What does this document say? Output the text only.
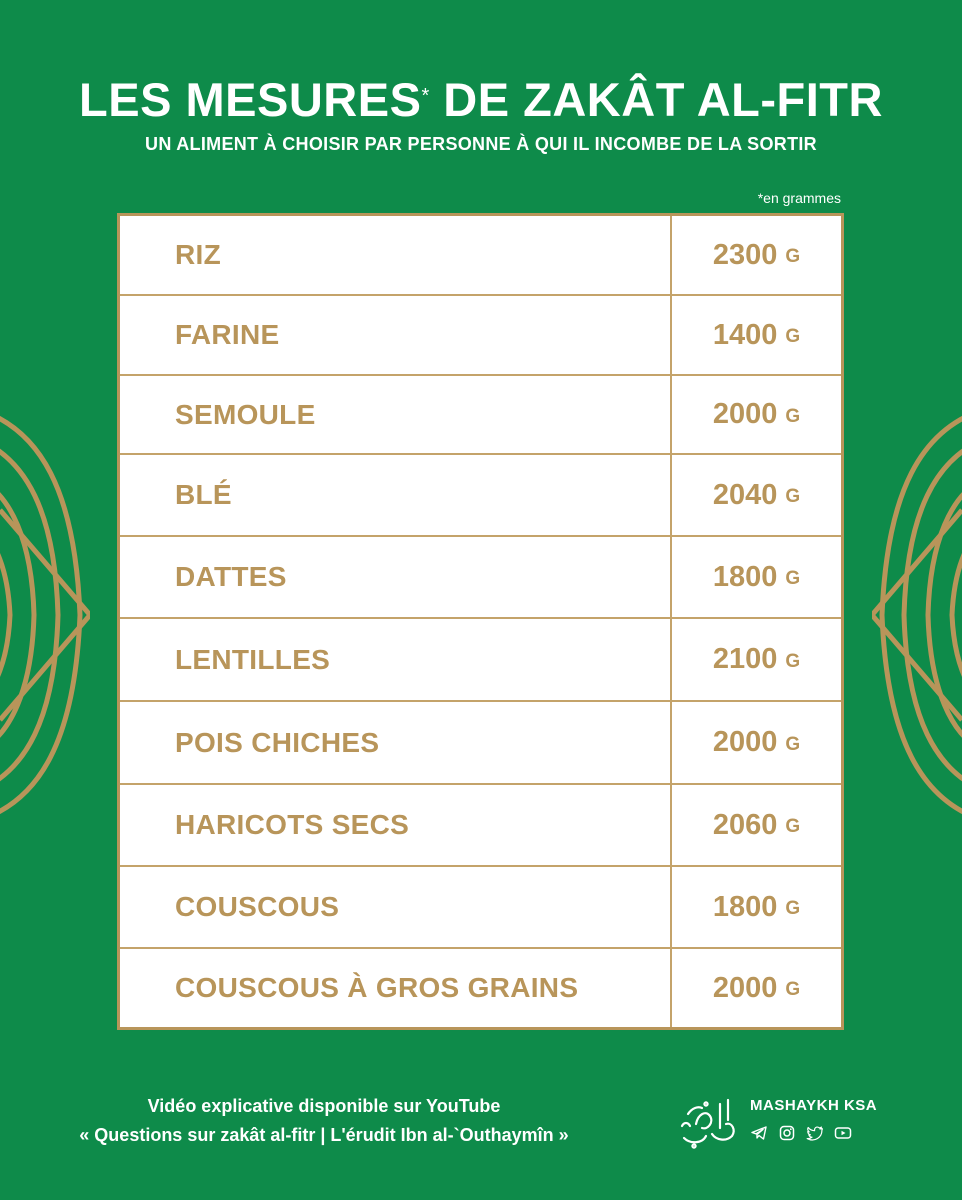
LES MESURES* DE ZAKÂT AL-FITR
UN ALIMENT À CHOISIR PAR PERSONNE À QUI IL INCOMBE DE LA SORTIR
*en grammes
RIZ	2300 G
FARINE	1400 G
SEMOULE	2000 G
BLÉ	2040 G
DATTES	1800 G
LENTILLES	2100 G
POIS CHICHES	2000 G
HARICOTS SECS	2060 G
COUSCOUS	1800 G
COUSCOUS À GROS GRAINS	2000 G
Vidéo explicative disponible sur YouTube
« Questions sur zakât al-fitr | L'érudit Ibn al-`Outhaymîn »
MASHAYKH KSA
